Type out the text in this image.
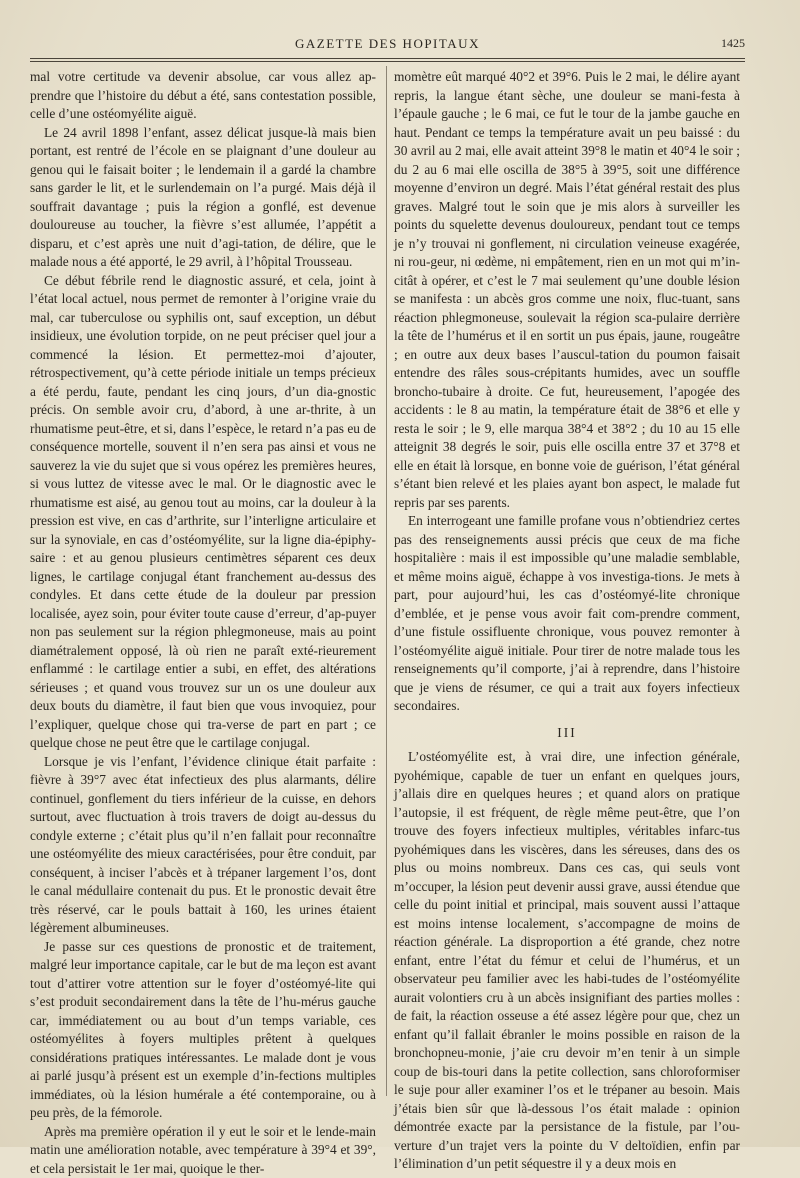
GAZETTE DES HOPITAUX	1425

mal votre certitude va devenir absolue, car vous allez ap-prendre que l’histoire du début a été, sans contestation possible, celle d’une ostéomyélite aiguë.

Le 24 avril 1898 l’enfant, assez délicat jusque-là mais bien portant, est rentré de l’école en se plaignant d’une douleur au genou qui le faisait boiter ; le lendemain il a gardé la chambre sans garder le lit, et le surlendemain on l’a purgé. Mais déjà il souffrait davantage ; puis la région a gonflé, est devenue douloureuse au toucher, la fièvre s’est allumée, l’appétit a disparu, et c’est après une nuit d’agi-tation, de délire, que le malade nous a été apporté, le 29 avril, à l’hôpital Trousseau.

Ce début fébrile rend le diagnostic assuré, et cela, joint à l’état local actuel, nous permet de remonter à l’origine vraie du mal, car tuberculose ou syphilis ont, sauf exception, un début insidieux, une évolution torpide, on ne peut préciser quel jour a commencé la lésion. Et permettez-moi d’ajouter, rétrospectivement, qu’à cette période initiale un temps précieux a été perdu, faute, pendant les cinq jours, d’un dia-gnostic précis. On semble avoir cru, d’abord, à une ar-thrite, à un rhumatisme peut-être, et si, dans l’espèce, le retard n’a pas eu de conséquence mortelle, souvent il n’en sera pas ainsi et vous ne sauverez la vie du sujet que si vous opérez les premières heures, si vous luttez de vitesse avec le mal. Or le diagnostic avec le rhumatisme est aisé, au genou tout au moins, car la douleur à la pression est vive, en cas d’arthrite, sur l’interligne articulaire et sur la synoviale, en cas d’ostéomyélite, sur la ligne dia-épiphy-saire : et au genou plusieurs centimètres séparent ces deux lignes, le cartilage conjugal étant franchement au-dessus des condyles. Et dans cette étude de la douleur par pression localisée, ayez soin, pour éviter toute cause d’erreur, d’ap-puyer non pas seulement sur la région phlegmoneuse, mais au point diamétralement opposé, là où rien ne paraît exté-rieurement enflammé : le cartilage entier a subi, en effet, des altérations sérieuses ; et quand vous trouvez sur un os une douleur aux deux bouts du diamètre, il faut bien que vous invoquiez, pour l’expliquer, quelque chose qui tra-verse de part en part ; ce quelque chose ne peut être que le cartilage conjugal.

Lorsque je vis l’enfant, l’évidence clinique était parfaite : fièvre à 39°7 avec état infectieux des plus alarmants, délire continuel, gonflement du tiers inférieur de la cuisse, en dehors surtout, avec fluctuation à trois travers de doigt au-dessus du condyle externe ; c’était plus qu’il n’en fallait pour reconnaître une ostéomyélite des mieux caractérisées, pour être conduit, par conséquent, à inciser l’abcès et à trépaner largement l’os, dont le canal médullaire contenait du pus. Et le pronostic devait être très réservé, car le pouls battait à 160, les urines étaient légèrement albumineuses.

Je passe sur ces questions de pronostic et de traitement, malgré leur importance capitale, car le but de ma leçon est avant tout d’attirer votre attention sur le foyer d’ostéomyé-lite qui s’est produit secondairement dans la tête de l’hu-mérus gauche car, immédiatement ou au bout d’un temps variable, ces ostéomyélites à foyers multiples prêtent à quelques considérations pratiques intéressantes. Le malade dont je vous ai parlé jusqu’à présent est un exemple d’in-fections multiples immédiates, où la lésion humérale a été contemporaine, ou à peu près, de la fémorole.

Après ma première opération il y eut le soir et le lende-main matin une amélioration notable, avec température à 39°4 et 39°, et cela persistait le 1er mai, quoique le ther-

momètre eût marqué 40°2 et 39°6. Puis le 2 mai, le délire ayant repris, la langue étant sèche, une douleur se mani-festa à l’épaule gauche ; le 6 mai, ce fut le tour de la jambe gauche en haut. Pendant ce temps la température avait un peu baissé : du 30 avril au 2 mai, elle avait atteint 39°8 le matin et 40°4 le soir ; du 2 au 6 mai elle oscilla de 38°5 à 39°5, soit une différence moyenne d’environ un degré. Mais l’état général restait des plus graves. Malgré tout le soin que je mis alors à surveiller les points du squelette devenus douloureux, pendant tout ce temps je n’y trouvai ni gonflement, ni circulation veineuse exagérée, ni rou-geur, ni œdème, ni empâtement, rien en un mot qui m’in-citât à opérer, et c’est le 7 mai seulement qu’une double lésion se manifesta : un abcès gros comme une noix, fluc-tuant, sans réaction phlegmoneuse, soulevait la région sca-pulaire derrière la tête de l’humérus et il en sortit un pus épais, jaune, rougeâtre ; en outre aux deux bases l’auscul-tation du poumon faisait entendre des râles sous-crépitants humides, avec un souffle broncho-tubaire à droite. Ce fut, heureusement, l’apogée des accidents : le 8 au matin, la température était de 38°6 et elle y resta le soir ; le 9, elle marqua 38°4 et 38°2 ; du 10 au 15 elle atteignit 38 degrés le soir, puis elle oscilla entre 37 et 37°8 et elle en était là lorsque, en bonne voie de guérison, l’état général s’étant bien relevé et les plaies ayant bon aspect, le malade fut repris par ses parents.

En interrogeant une famille profane vous n’obtiendriez certes pas des renseignements aussi précis que ceux de ma fiche hospitalière : mais il est impossible qu’une maladie semblable, et même moins aiguë, échappe à vos investiga-tions. Je mets à part, pour aujourd’hui, les cas d’ostéomyé-lite chronique d’emblée, et je pense vous avoir fait com-prendre comment, d’une fistule ossifluente chronique, vous pouvez remonter à l’ostéomyélite aiguë initiale. Pour tirer de notre malade tous les renseignements qu’il comporte, j’ai à reprendre, dans l’histoire que je viens de résumer, ce qui a trait aux foyers infectieux secondaires.

III

L’ostéomyélite est, à vrai dire, une infection générale, pyohémique, capable de tuer un enfant en quelques jours, j’allais dire en quelques heures ; et quand alors on pratique l’autopsie, il est fréquent, de règle même peut-être, que l’on trouve des foyers infectieux multiples, véritables infarc-tus pyohémiques dans les viscères, dans les séreuses, dans des os plus ou moins nombreux. Dans ces cas, qui seuls vont m’occuper, la lésion peut devenir aussi grave, aussi étendue que celle du point initial et principal, mais souvent aussi l’attaque est moins intense localement, s’accompagne de moins de réaction générale. La disproportion a été grande, chez notre enfant, entre l’état du fémur et celui de l’humérus, et un observateur peu familier avec les habi-tudes de l’ostéomyélite aurait volontiers cru à un abcès insignifiant des parties molles : de fait, la réaction osseuse a été assez légère pour que, chez un enfant qu’il fallait ébranler le moins possible en raison de la bronchopneu-monie, j’aie cru devoir m’en tenir à un simple coup de bis-touri dans la petite collection, sans chloroformiser le suje pour aller examiner l’os et le trépaner au besoin. Mais j’étais bien sûr que là-dessous l’os était malade : opinion démontrée exacte par la persistance de la fistule, par l’ou-verture d’un trajet vers la pointe du V deltoïdien, enfin par l’élimination d’un petit séquestre il y a deux mois en
